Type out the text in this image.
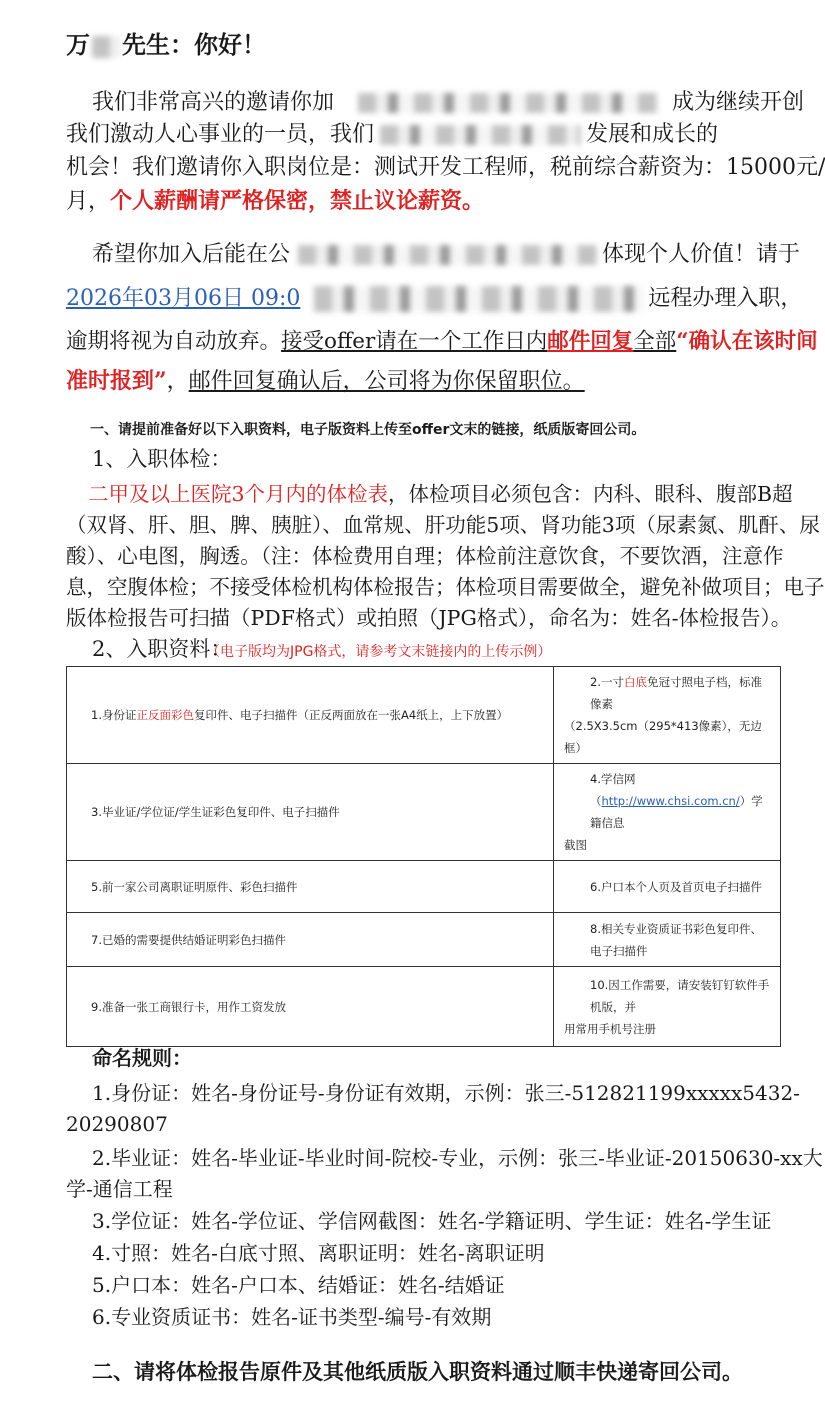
万 先生：你好！
我们非常高兴的邀请你加	成为继续开创
我们激动人心事业的一员，我们	发展和成长的
机会！我们邀请你入职岗位是：测试开发工程师，税前综合薪资为：15000元/
月，个人薪酬请严格保密，禁止议论薪资。
希望你加入后能在公	体现个人价值！请于
2026年03月06日 09:0	远程办理入职，
逾期将视为自动放弃。接受offer请在一个工作日内邮件回复全部“确认在该时间
准时报到”，邮件回复确认后，公司将为你保留职位。
一、请提前准备好以下入职资料，电子版资料上传至offer文末的链接，纸质版寄回公司。
1、入职体检：
二甲及以上医院3个月内的体检表，体检项目必须包含：内科、眼科、腹部B超
（双肾、肝、胆、脾、胰脏）、血常规、肝功能5项、肾功能3项（尿素氮、肌酐、尿
酸）、心电图，胸透。（注：体检费用自理；体检前注意饮食，不要饮酒，注意作
息，空腹体检；不接受体检机构体检报告；体检项目需要做全，避免补做项目；电子
版体检报告可扫描（PDF格式）或拍照（JPG格式），命名为：姓名-体检报告）。
2、入职资料：
（电子版均为JPG格式，请参考文末链接内的上传示例）
1.身份证正反面彩色复印件、电子扫描件（正反两面放在一张A4纸上，上下放置）	2.一寸白底免冠寸照电子档，标准像素
（2.5X3.5cm（295*413像素），无边框）

3.毕业证/学位证/学生证彩色复印件、电子扫描件	4.学信网（http://www.chsi.com.cn/）学籍信息
截图

5.前一家公司离职证明原件、彩色扫描件	6.户口本个人页及首页电子扫描件
7.已婚的需要提供结婚证明彩色扫描件	8.相关专业资质证书彩色复印件、电子扫描件
9.准备一张工商银行卡，用作工资发放	10.因工作需要，请安装钉钉软件手机版，并
用常用手机号注册
命名规则：
1.身份证：姓名-身份证号-身份证有效期，示例：张三-512821199xxxxx5432-
20290807
2.毕业证：姓名-毕业证-毕业时间-院校-专业，示例：张三-毕业证-20150630-xx大
学-通信工程
3.学位证：姓名-学位证、学信网截图：姓名-学籍证明、学生证：姓名-学生证
4.寸照：姓名-白底寸照、离职证明：姓名-离职证明
5.户口本：姓名-户口本、结婚证：姓名-结婚证
6.专业资质证书：姓名-证书类型-编号-有效期
二、请将体检报告原件及其他纸质版入职资料通过顺丰快递寄回公司。
